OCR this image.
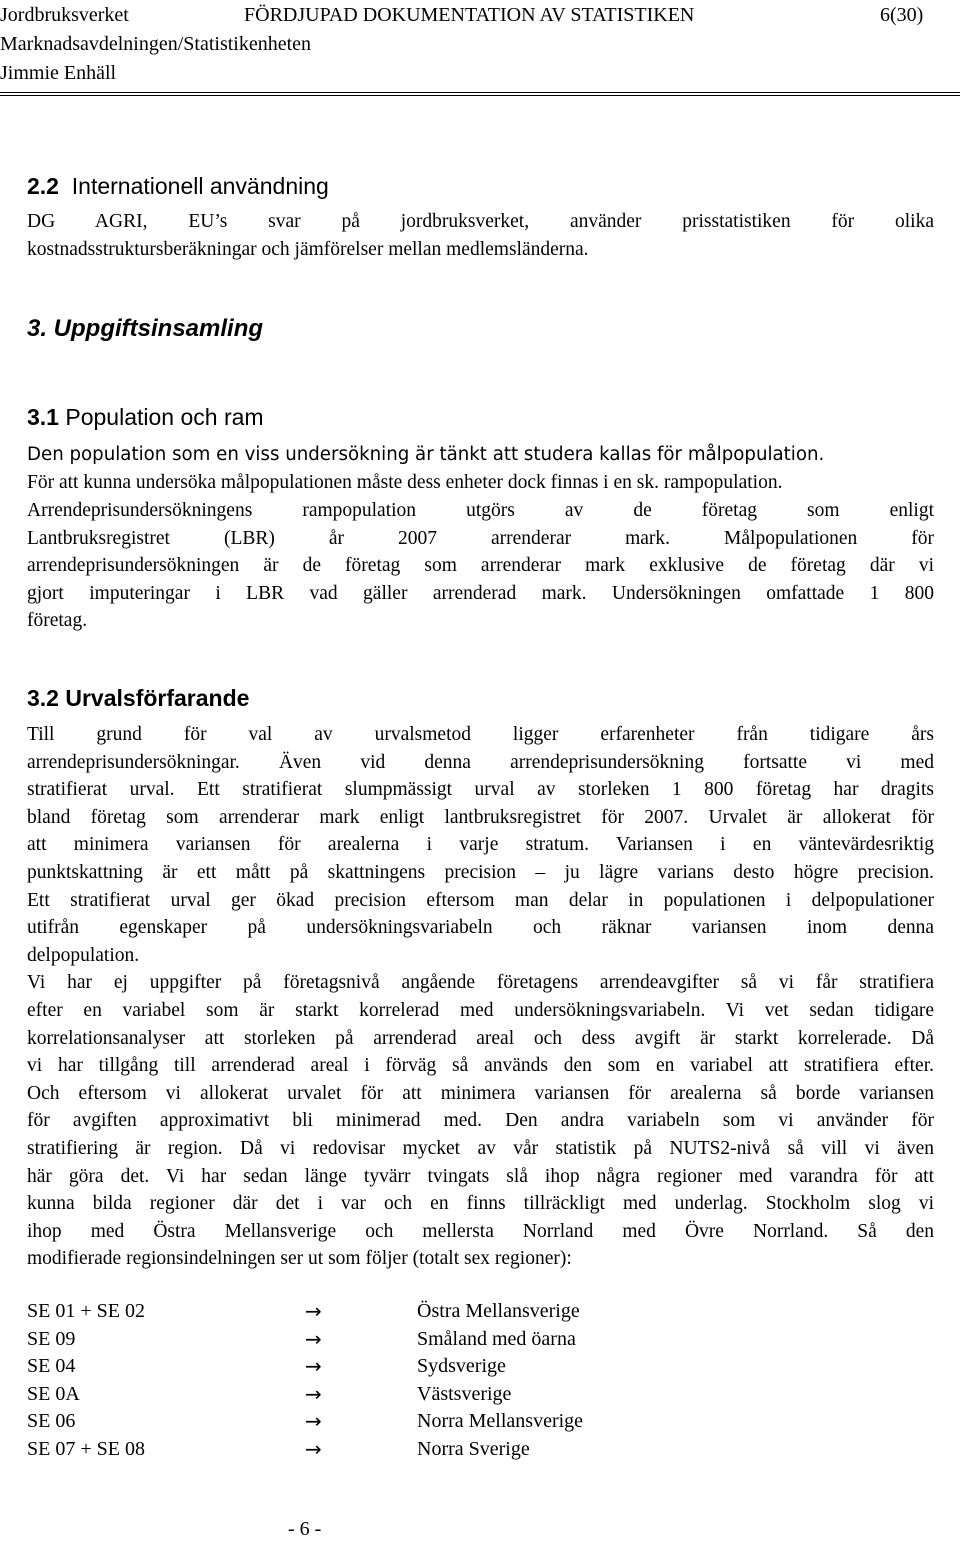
Jordbruksverket	FÖRDJUPAD DOKUMENTATION AV STATISTIKEN	6(30)
Marknadsavdelningen/Statistikenheten
Jimmie Enhäll
2.2 Internationell användning
DG AGRI, EU’s svar på jordbruksverket, använder prisstatistiken för olika
kostnadsstruktursberäkningar och jämförelser mellan medlemsländerna.
3. Uppgiftsinsamling
3.1 Population och ram
Den population som en viss undersökning är tänkt att studera kallas för målpopulation.
För att kunna undersöka målpopulationen måste dess enheter dock finnas i en sk. rampopulation.
Arrendeprisundersökningens rampopulation utgörs av de företag som enligt
Lantbruksregistret (LBR) år 2007 arrenderar mark. Målpopulationen för
arrendeprisundersökningen är de företag som arrenderar mark exklusive de företag där vi
gjort imputeringar i LBR vad gäller arrenderad mark. Undersökningen omfattade 1 800
företag.
3.2 Urvalsförfarande
Till grund för val av urvalsmetod ligger erfarenheter från tidigare års
arrendeprisundersökningar. Även vid denna arrendeprisundersökning fortsatte vi med
stratifierat urval. Ett stratifierat slumpmässigt urval av storleken 1 800 företag har dragits
bland företag som arrenderar mark enligt lantbruksregistret för 2007. Urvalet är allokerat för
att minimera variansen för arealerna i varje stratum. Variansen i en väntevärdesriktig
punktskattning är ett mått på skattningens precision – ju lägre varians desto högre precision.
Ett stratifierat urval ger ökad precision eftersom man delar in populationen i delpopulationer
utifrån egenskaper på undersökningsvariabeln och räknar variansen inom denna
delpopulation.
Vi har ej uppgifter på företagsnivå angående företagens arrendeavgifter så vi får stratifiera
efter en variabel som är starkt korrelerad med undersökningsvariabeln. Vi vet sedan tidigare
korrelationsanalyser att storleken på arrenderad areal och dess avgift är starkt korrelerade. Då
vi har tillgång till arrenderad areal i förväg så används den som en variabel att stratifiera efter.
Och eftersom vi allokerat urvalet för att minimera variansen för arealerna så borde variansen
för avgiften approximativt bli minimerad med. Den andra variabeln som vi använder för
stratifiering är region. Då vi redovisar mycket av vår statistik på NUTS2-nivå så vill vi även
här göra det. Vi har sedan länge tyvärr tvingats slå ihop några regioner med varandra för att
kunna bilda regioner där det i var och en finns tillräckligt med underlag. Stockholm slog vi
ihop med Östra Mellansverige och mellersta Norrland med Övre Norrland. Så den
modifierade regionsindelningen ser ut som följer (totalt sex regioner):
SE 01 + SE 02	→	Östra Mellansverige
SE 09	→	Småland med öarna
SE 04	→	Sydsverige
SE 0A	→	Västsverige
SE 06	→	Norra Mellansverige
SE 07 + SE 08	→	Norra Sverige
- 6 -
